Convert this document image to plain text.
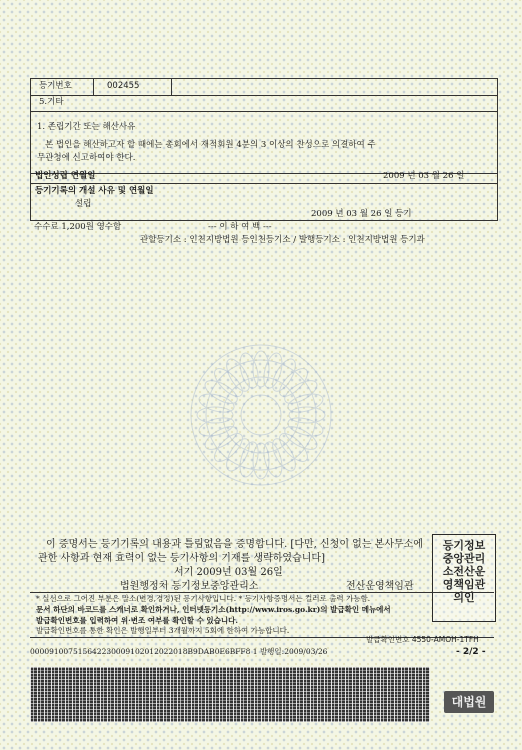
등기번호	002455
5.기타
1. 존립기간 또는 해산사유
본 법인을 해산하고자 할 때에는 총회에서 재적회원 4분의 3 이상의 찬성으로 의결하여 주
무관청에 신고하여야 한다.
법인성립 연월일	2009 년 03 월 26 일
등기기록의 개설 사유 및 연월일
설립
2009 년 03 월 26 일 등기
수수료 1,200원 영수함	--- 이 하 여 백 ---
관할등기소 : 인천지방법원 등인천등기소 / 발행등기소 : 인천지방법원 등기과
이 증명서는 등기기록의 내용과 틀림없음을 증명합니다. [다만, 신청이 없는 본사무소에
관한 사항과 현재 효력이 없는 등기사항의 기재를 생략하였습니다]
서기 2009년 03월 26일
법원행정처 등기정보중앙관리소	전산운영책임관
등기정보
중앙관리
소전산운
영책임관
의인
* 실선으로 그어진 부분은 말소(변경,경정)된 등기사항입니다. * 등기사항증명서는 컬러로 출력 가능함.
문서 하단의 바코드를 스캐너로 확인하거나, 인터넷등기소(http://www.iros.go.kr)의 발급확인 메뉴에서
발급확인번호를 입력하여 위·변조 여부를 확인할 수 있습니다.
발급확인번호를 통한 확인은 발행일부터 3개월까지 5회에 한하여 가능합니다.
발급확인번호 4550-AMOH-1TFH
000091007515642230009102012022018B9DAB0E6BFF8 1 발행일:2009/03/26	- 2/2 -
대법원
